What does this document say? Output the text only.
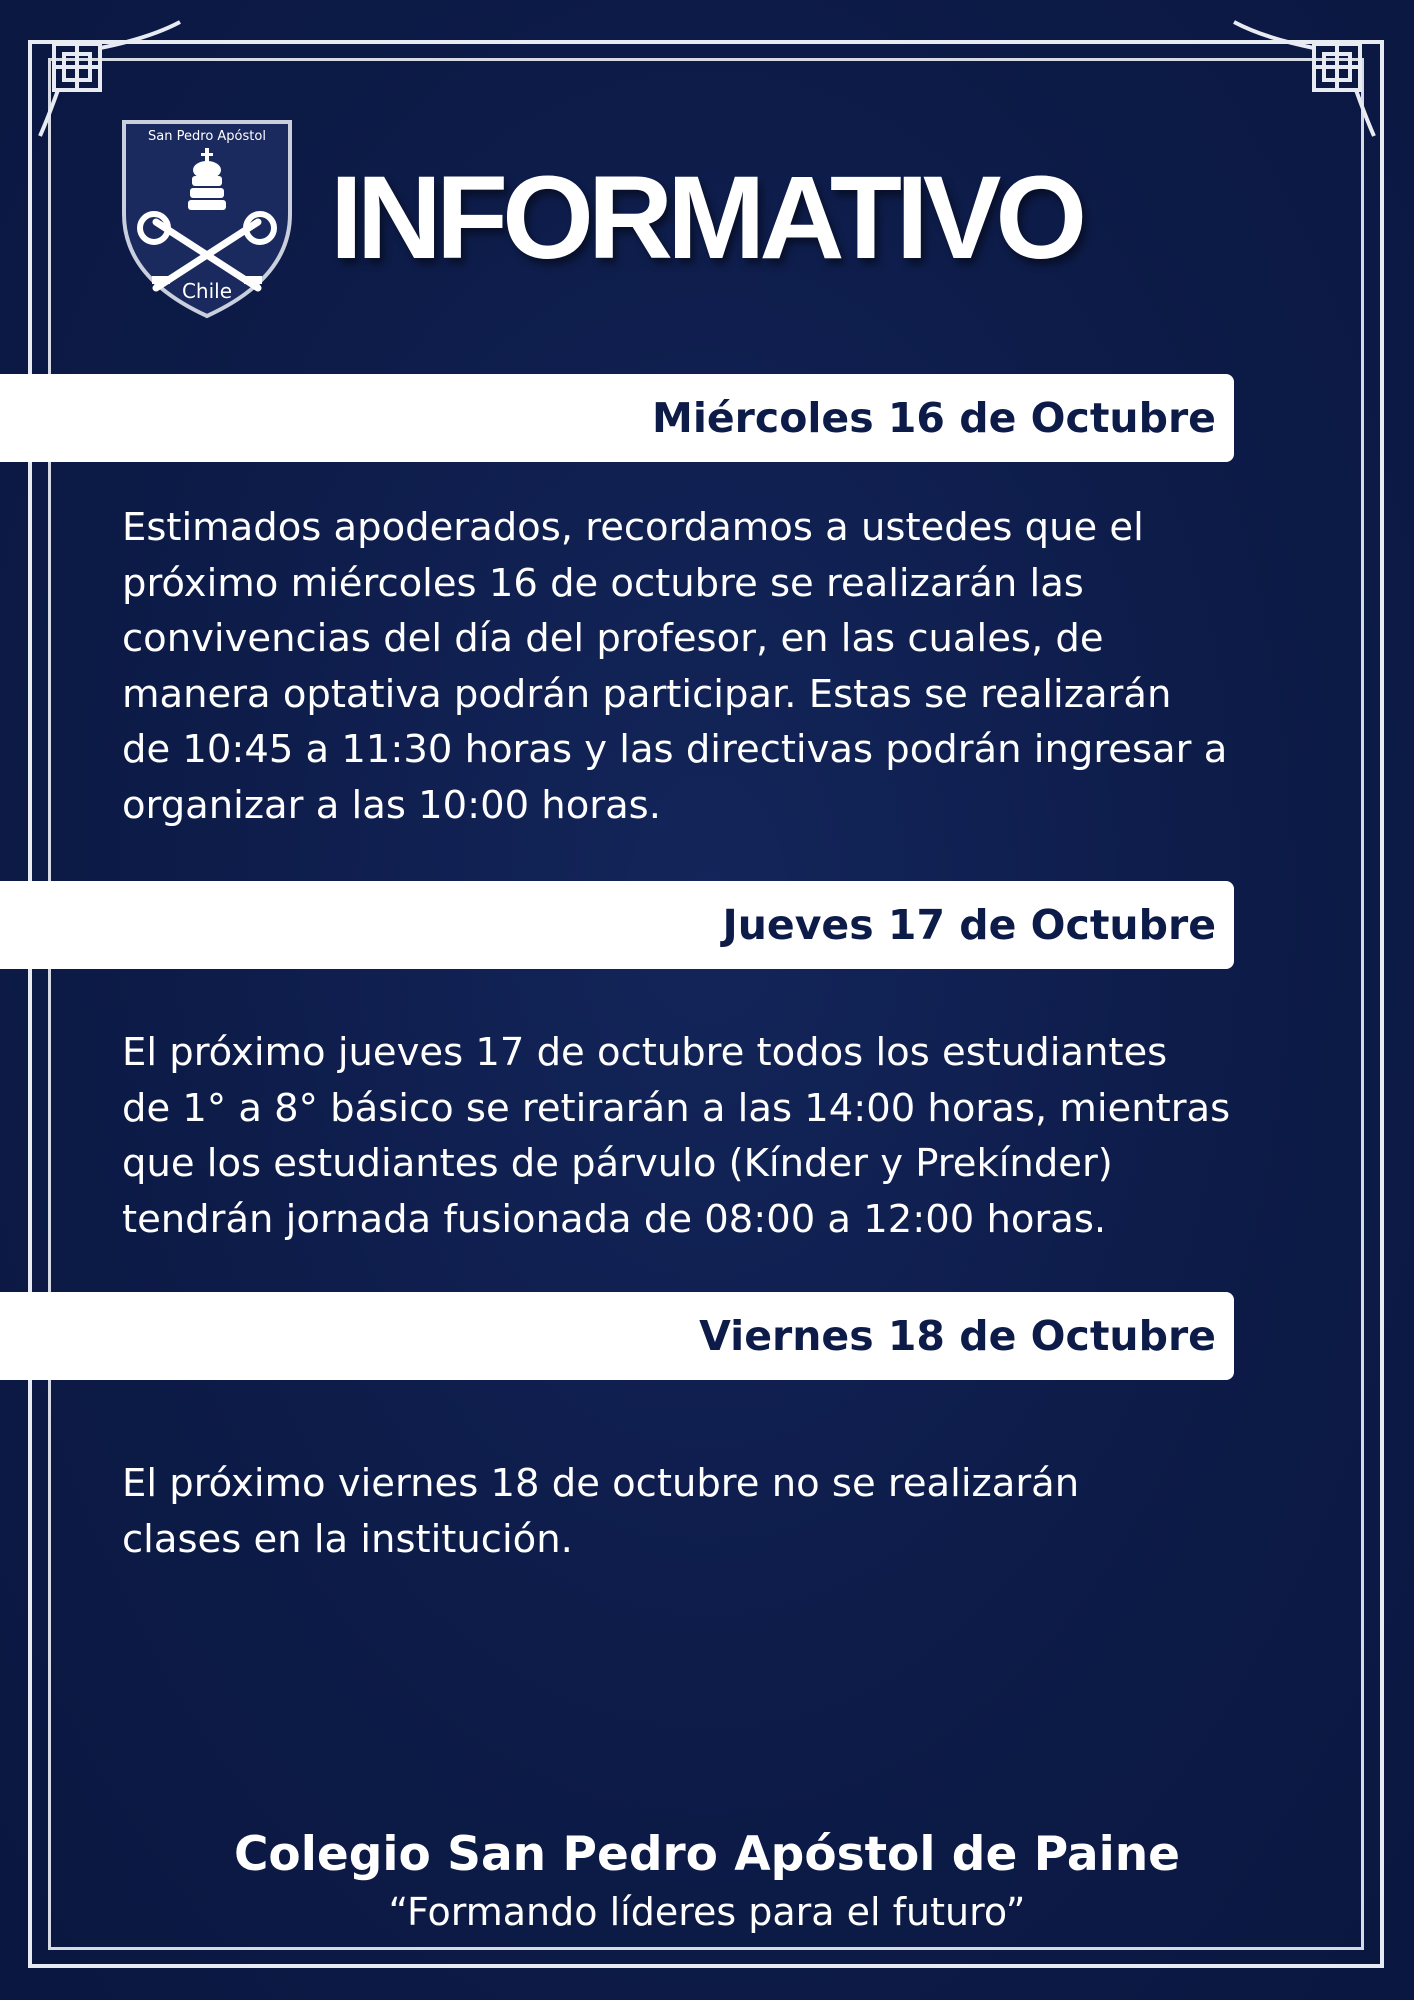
San Pedro Apóstol
Chile
INFORMATIVO
Miércoles 16 de Octubre
Estimados apoderados, recordamos a ustedes que el
próximo miércoles 16 de octubre se realizarán las
convivencias del día del profesor, en las cuales, de
manera optativa podrán participar. Estas se realizarán
de 10:45 a 11:30 horas y las directivas podrán ingresar a
organizar a las 10:00 horas.
Jueves 17 de Octubre
El próximo jueves 17 de octubre todos los estudiantes
de 1° a 8° básico se retirarán a las 14:00 horas, mientras
que los estudiantes de párvulo (Kínder y Prekínder)
tendrán jornada fusionada de 08:00 a 12:00 horas.
Viernes 18 de Octubre
El próximo viernes 18 de octubre no se realizarán
clases en la institución.
Colegio San Pedro Apóstol de Paine
“Formando líderes para el futuro”
